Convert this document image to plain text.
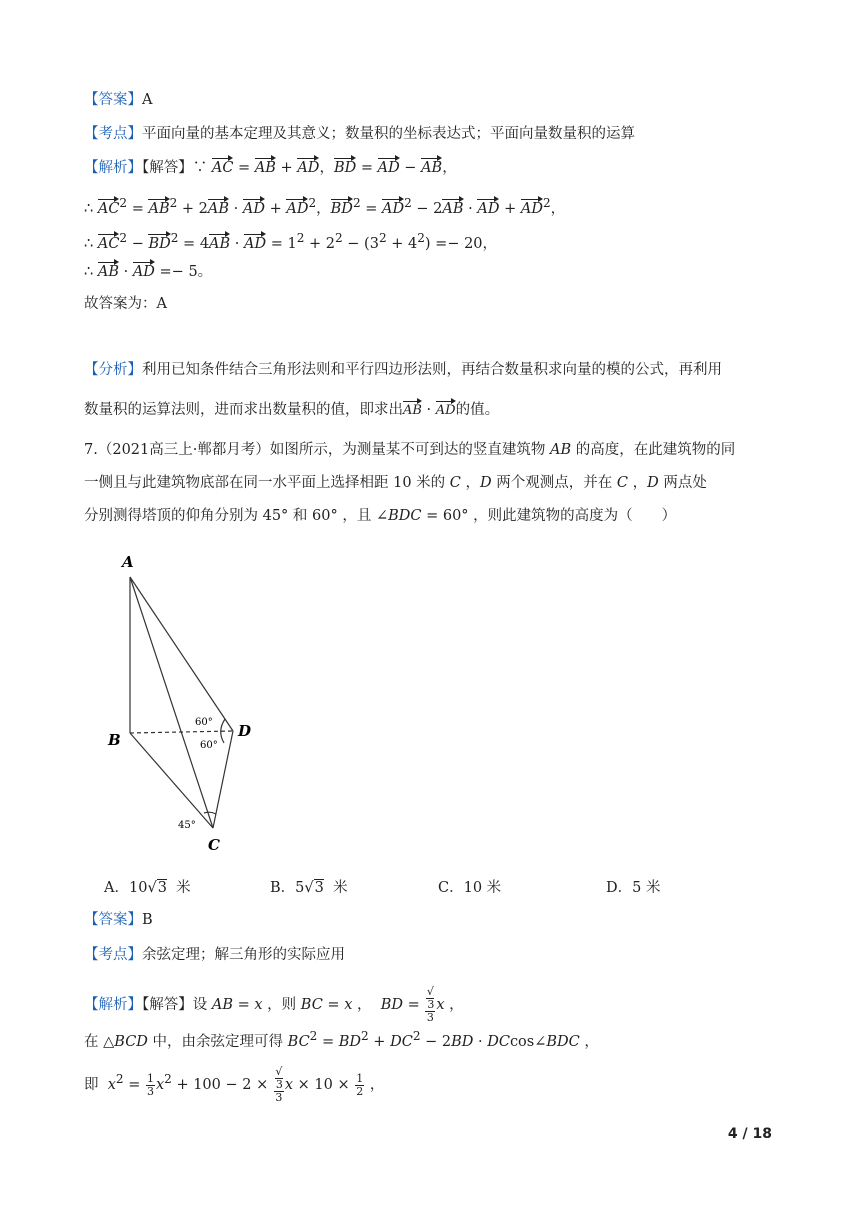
【答案】A
【考点】平面向量的基本定理及其意义；数量积的坐标表达式；平面向量数量积的运算
【解析】【解答】∵ AC = AB + AD，BD = AD − AB，
∴ $AC^2 = AB^2 + 2AB$ · AD + $AD^2$，$BD^2 = AD^2 - 2AB$ · AD + $AD^2$，
∴ $AC^2 - BD^2 = 4AB$ · AD = $1^2 + 2^2 - (3^2 + 4^2) =- 20$，
∴ AB · AD =− 5。
故答案为：A
【分析】利用已知条件结合三角形法则和平行四边形法则，再结合数量积求向量的模的公式，再利用
数量积的运算法则，进而求出数量积的值，即求出AB · AD的值。
7.（2021高三上·郸都月考）如图所示，为测量某不可到达的竖直建筑物 AB 的高度，在此建筑物的同
一侧且与此建筑物底部在同一水平面上选择相距 10 米的 C ，D 两个观测点，并在 C ，D 两点处
分别测得塔顶的仰角分别为 45° 和 60° ，且 ∠BDC = 60° ，则此建筑物的高度为（　　）
A
B	D
C
60°
60°
45°
A．10√3 米	B．5√3 米	C．10 米	D．5 米
【答案】B
【考点】余弦定理；解三角形的实际应用
【解析】【解答】设 AB = x ，则 BC = x ，  BD = √
3
3 x ，
在 △BCD 中，由余弦定理可得 $BC^2 = BD^2 + DC^2 - 2BD$ · DCcos∠BDC ，
即 $x^2 = \frac{1}{3} x^2 + 100 - 2$ × √
3
3 $x \times 10 \times \frac{1}{2}$ ，
4 / 18
